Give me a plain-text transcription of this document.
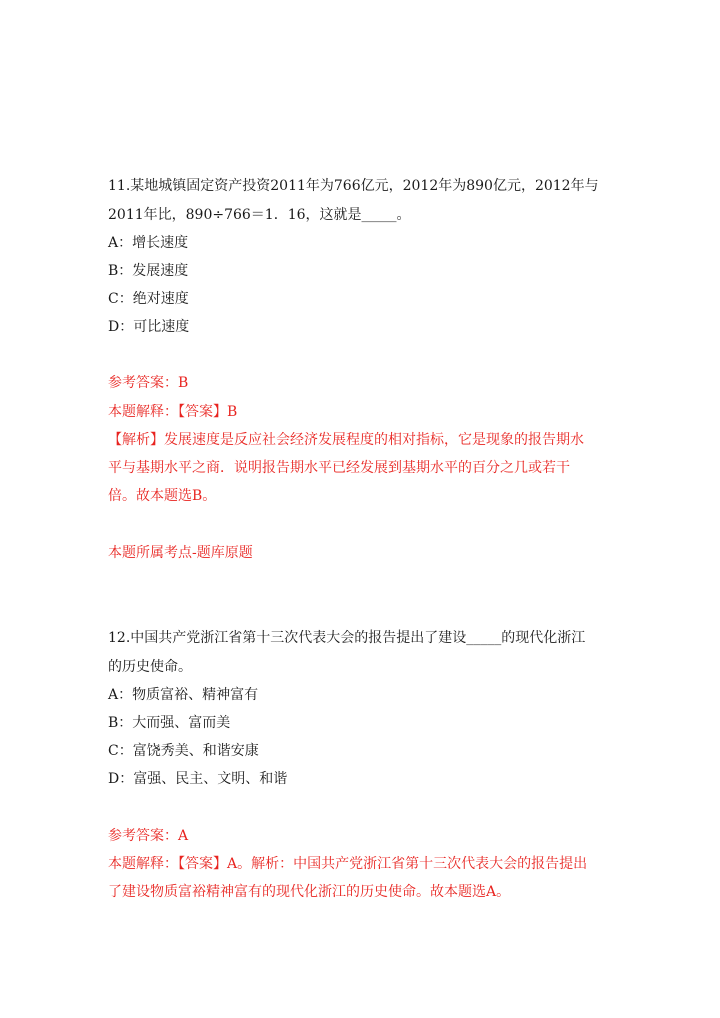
11.某地城镇固定资产投资2011年为766亿元，2012年为890亿元，2012年与
2011年比，890÷766＝1．16，这就是_____。
A：增长速度
B：发展速度
C：绝对速度
D：可比速度
参考答案：B
本题解释：【答案】B
【解析】发展速度是反应社会经济发展程度的相对指标，它是现象的报告期水
平与基期水平之商．说明报告期水平已经发展到基期水平的百分之几或若干
倍。故本题选B。
本题所属考点-题库原题
12.中国共产党浙江省第十三次代表大会的报告提出了建设_____的现代化浙江
的历史使命。
A：物质富裕、精神富有
B：大而强、富而美
C：富饶秀美、和谐安康
D：富强、民主、文明、和谐
参考答案：A
本题解释：【答案】A。解析：中国共产党浙江省第十三次代表大会的报告提出
了建设物质富裕精神富有的现代化浙江的历史使命。故本题选A。
